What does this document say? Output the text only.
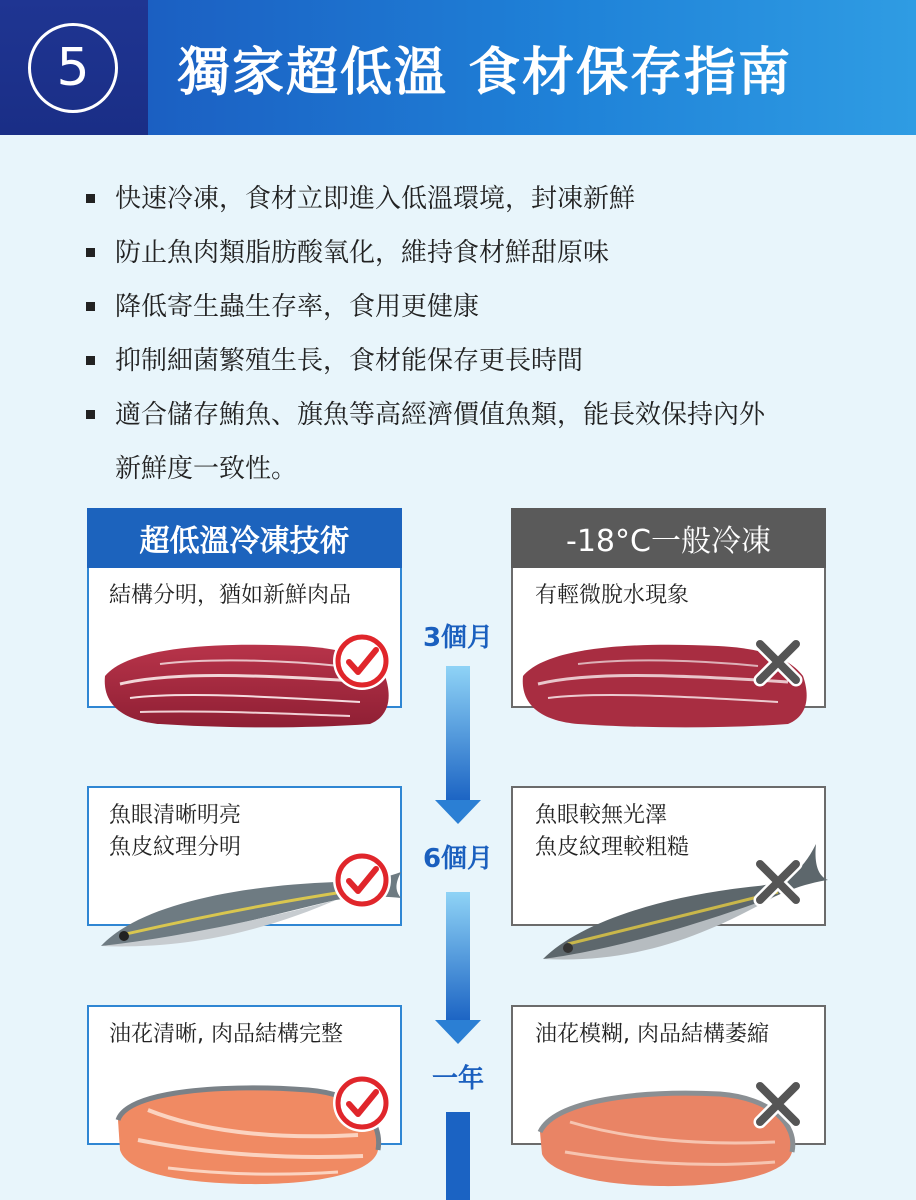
5	獨家超低溫 食材保存指南
快速冷凍，食材立即進入低溫環境，封凍新鮮
防止魚肉類脂肪酸氧化，維持食材鮮甜原味
降低寄生蟲生存率，食用更健康
抑制細菌繁殖生長，食材能保存更長時間
適合儲存鮪魚、旗魚等高經濟價值魚類，能長效保持內外
新鮮度一致性。
超低溫冷凍技術	-18°C一般冷凍
3個月
6個月
一年
結構分明，猶如新鮮肉品	有輕微脫水現象
魚眼清晰明亮
魚皮紋理分明
魚眼較無光澤
魚皮紋理較粗糙
油花清晰, 肉品結構完整	油花模糊, 肉品結構萎縮
